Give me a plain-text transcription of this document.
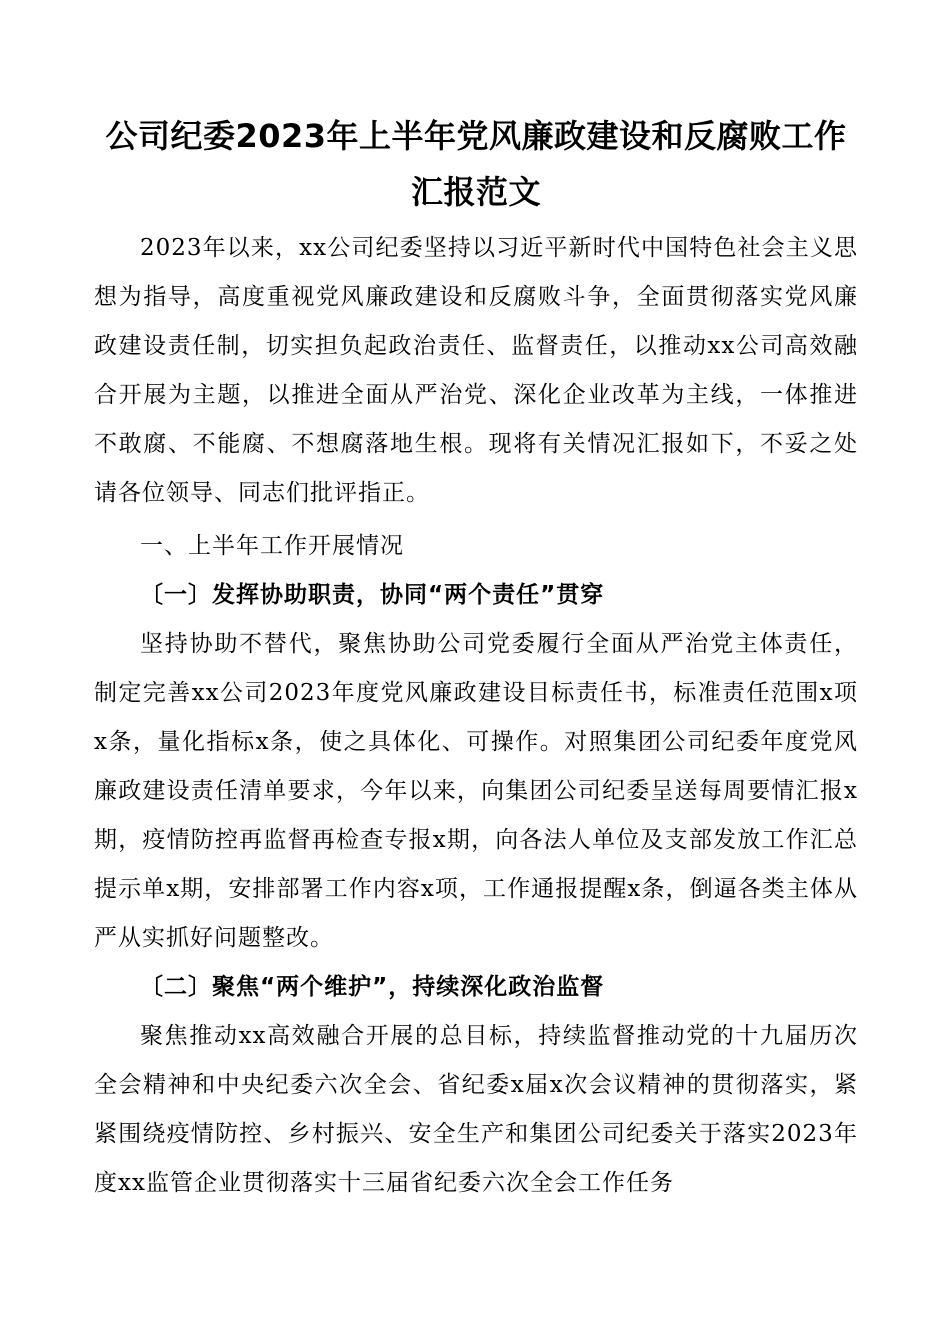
公司纪委2023年上半年党风廉政建设和反腐败工作汇报范文

2023年以来，xx公司纪委坚持以习近平新时代中国特色社会主义思想为指导，高度重视党风廉政建设和反腐败斗争，全面贯彻落实党风廉政建设责任制，切实担负起政治责任、监督责任，以推动xx公司高效融合开展为主题，以推进全面从严治党、深化企业改革为主线，一体推进不敢腐、不能腐、不想腐落地生根。现将有关情况汇报如下，不妥之处请各位领导、同志们批评指正。

一、上半年工作开展情况

〔一〕发挥协助职责，协同“两个责任”贯穿

坚持协助不替代，聚焦协助公司党委履行全面从严治党主体责任，制定完善xx公司2023年度党风廉政建设目标责任书，标准责任范围x项x条，量化指标x条，使之具体化、可操作。对照集团公司纪委年度党风廉政建设责任清单要求，今年以来，向集团公司纪委呈送每周要情汇报x期，疫情防控再监督再检查专报x期，向各法人单位及支部发放工作汇总提示单x期，安排部署工作内容x项，工作通报提醒x条，倒逼各类主体从严从实抓好问题整改。

〔二〕聚焦“两个维护”，持续深化政治监督

聚焦推动xx高效融合开展的总目标，持续监督推动党的十九届历次全会精神和中央纪委六次全会、省纪委x届x次会议精神的贯彻落实，紧紧围绕疫情防控、乡村振兴、安全生产和集团公司纪委关于落实2023年度xx监管企业贯彻落实十三届省纪委六次全会工作任务
